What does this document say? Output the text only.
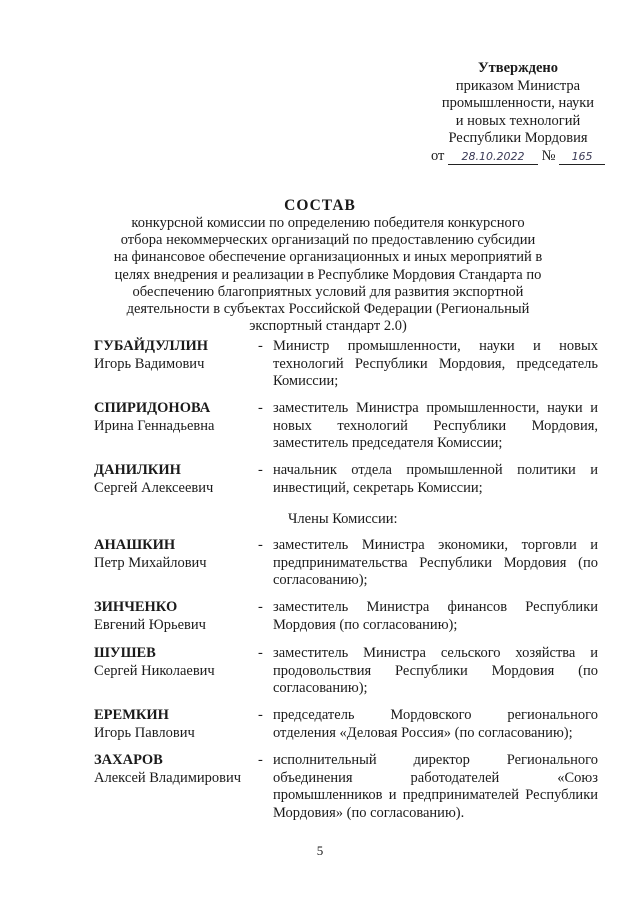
Утверждено
приказом Министра
промышленности, науки
и новых технологий
Республики Мордовия
от 28.10.2022 № 165
СОСТАВ
конкурсной комиссии по определению победителя конкурсного отбора некоммерческих организаций по предоставлению субсидии на финансовое обеспечение организационных и иных мероприятий в целях внедрения и реализации в Республике Мордовия Стандарта по обеспечению благоприятных условий для развития экспортной деятельности в субъектах Российской Федерации (Региональный экспортный стандарт 2.0)
ГУБАЙДУЛЛИН
Игорь Вадимович
- Министр промышленности, науки и новых технологий Республики Мордовия, председатель Комиссии;
СПИРИДОНОВА
Ирина Геннадьевна
- заместитель Министра промышленности, науки и новых технологий Республики Мордовия, заместитель председателя Комиссии;
ДАНИЛКИН
Сергей Алексеевич
- начальник отдела промышленной политики и инвестиций, секретарь Комиссии;
Члены Комиссии:
АНАШКИН
Петр Михайлович
- заместитель Министра экономики, торговли и предпринимательства Республики Мордовия (по согласованию);
ЗИНЧЕНКО
Евгений Юрьевич
- заместитель Министра финансов Республики Мордовия (по согласованию);
ШУШЕВ
Сергей Николаевич
- заместитель Министра сельского хозяйства и продовольствия Республики Мордовия (по согласованию);
ЕРЕМКИН
Игорь Павлович
- председатель Мордовского регионального отделения «Деловая Россия» (по согласованию);
ЗАХАРОВ
Алексей Владимирович
- исполнительный директор Регионального объединения работодателей «Союз промышленников и предпринимателей Республики Мордовия» (по согласованию).
5
